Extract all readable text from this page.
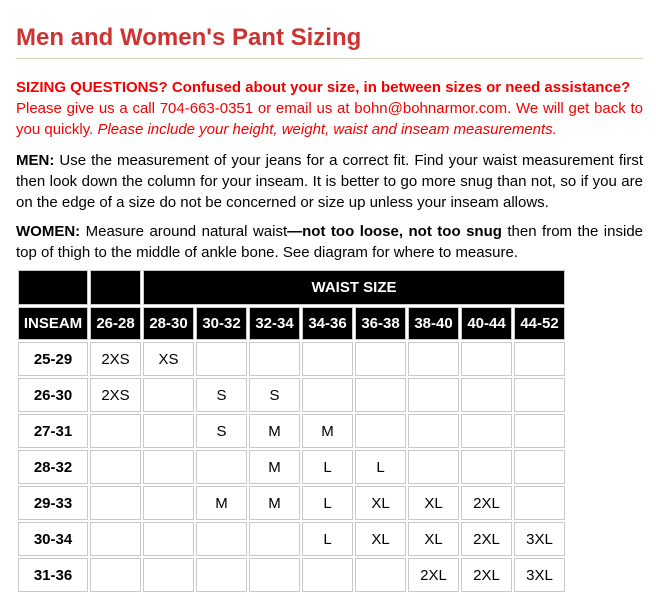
Men and Women's Pant Sizing

SIZING QUESTIONS? Confused about your size, in between sizes or need assistance?
Please give us a call 704-663-0351 or email us at bohn@bohnarmor.com. We will get back to you quickly. Please include your height, weight, waist and inseam measurements.

MEN: Use the measurement of your jeans for a correct fit. Find your waist measurement first then look down the column for your inseam. It is better to go more snug than not, so if you are on the edge of a size do not be concerned or size up unless your inseam allows.

WOMEN: Measure around natural waist—not too loose, not too snug then from the inside top of thigh to the middle of ankle bone. See diagram for where to measure.

		WAIST SIZE							
INSEAM	26-28	28-30	30-32	32-34	34-36	36-38	38-40	40-44	44-52
25-29	2XS	XS							
26-30	2XS		S	S					
27-31			S	M	M				
28-32				M	L	L			
29-33			M	M	L	XL	XL	2XL	
30-34					L	XL	XL	2XL	3XL
31-36							2XL	2XL	3XL
